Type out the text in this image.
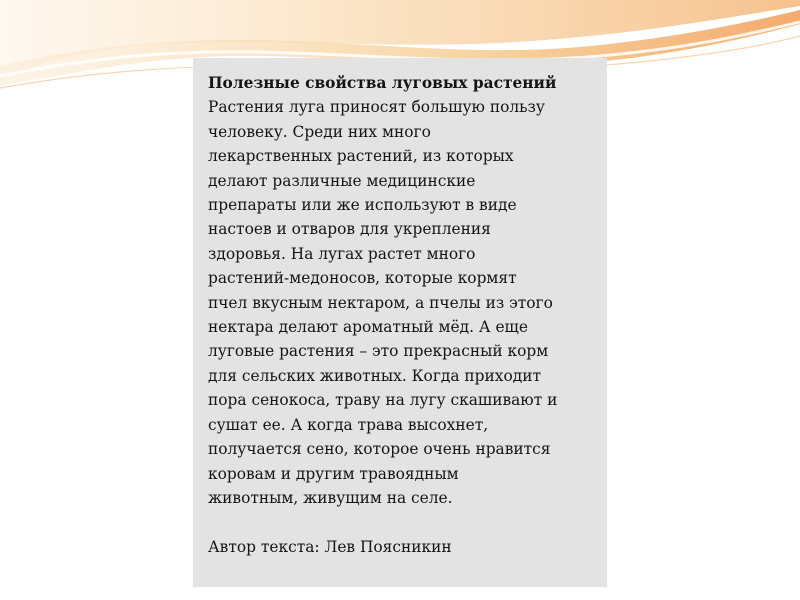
Полезные свойства луговых растений
Растения луга приносят большую пользу
человеку. Среди них много
лекарственных растений, из которых
делают различные медицинские
препараты или же используют в виде
настоев и отваров для укрепления
здоровья. На лугах растет много
растений-медоносов, которые кормят
пчел вкусным нектаром, а пчелы из этого
нектара делают ароматный мёд. А еще
луговые растения – это прекрасный корм
для сельских животных. Когда приходит
пора сенокоса, траву на лугу скашивают и
сушат ее. А когда трава высохнет,
получается сено, которое очень нравится
коровам и другим травоядным
животным, живущим на селе.
Автор текста: Лев Поясникин
